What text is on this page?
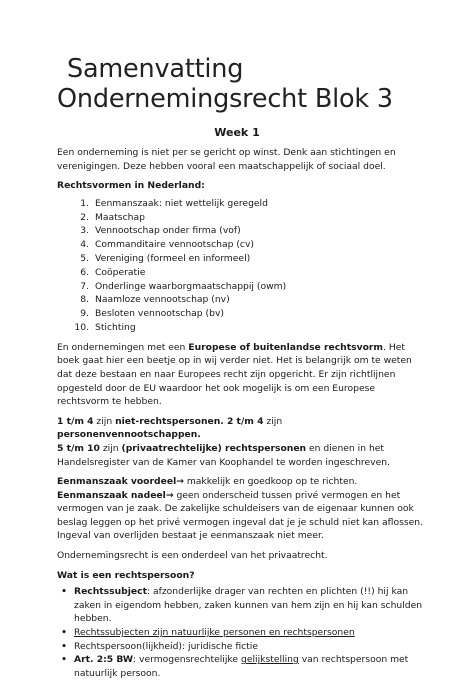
Samenvatting
Ondernemingsrecht Blok 3
Week 1

Een onderneming is niet per se gericht op winst. Denk aan stichtingen en verenigingen. Deze hebben vooral een maatschappelijk of sociaal doel.

Rechtsvormen in Nederland:

1. Eenmanszaak: niet wettelijk geregeld
2. Maatschap
3. Vennootschap onder firma (vof)
4. Commanditaire vennootschap (cv)
5. Vereniging (formeel en informeel)
6. Coöperatie
7. Onderlinge waarborgmaatschappij (owm)
8. Naamloze vennootschap (nv)
9. Besloten vennootschap (bv)
10. Stichting

En ondernemingen met een Europese of buitenlandse rechtsvorm. Het boek gaat hier een beetje op in wij verder niet. Het is belangrijk om te weten dat deze bestaan en naar Europees recht zijn opgericht. Er zijn richtlijnen opgesteld door de EU waardoor het ook mogelijk is om een Europese rechtsvorm te hebben.

1 t/m 4 zijn niet-rechtspersonen. 2 t/m 4 zijn personenvennootschappen.
5 t/m 10 zijn (privaatrechtelijke) rechtspersonen en dienen in het Handelsregister van de Kamer van Koophandel te worden ingeschreven.

Eenmanszaak voordeel→ makkelijk en goedkoop op te richten.
Eenmanszaak nadeel→ geen onderscheid tussen privé vermogen en het vermogen van je zaak. De zakelijke schuldeisers van de eigenaar kunnen ook beslag leggen op het privé vermogen ingeval dat je je schuld niet kan aflossen. Ingeval van overlijden bestaat je eenmanszaak niet meer.

Ondernemingsrecht is een onderdeel van het privaatrecht.

Wat is een rechtspersoon?

• Rechtssubject: afzonderlijke drager van rechten en plichten (!!) hij kan zaken in eigendom hebben, zaken kunnen van hem zijn en hij kan schulden hebben.
• Rechtssubjecten zijn natuurlijke personen en rechtspersonen
• Rechtspersoon(lijkheid): juridische fictie
• Art. 2:5 BW: vermogensrechtelijke gelijkstelling van rechtspersoon met natuurlijk persoon.
